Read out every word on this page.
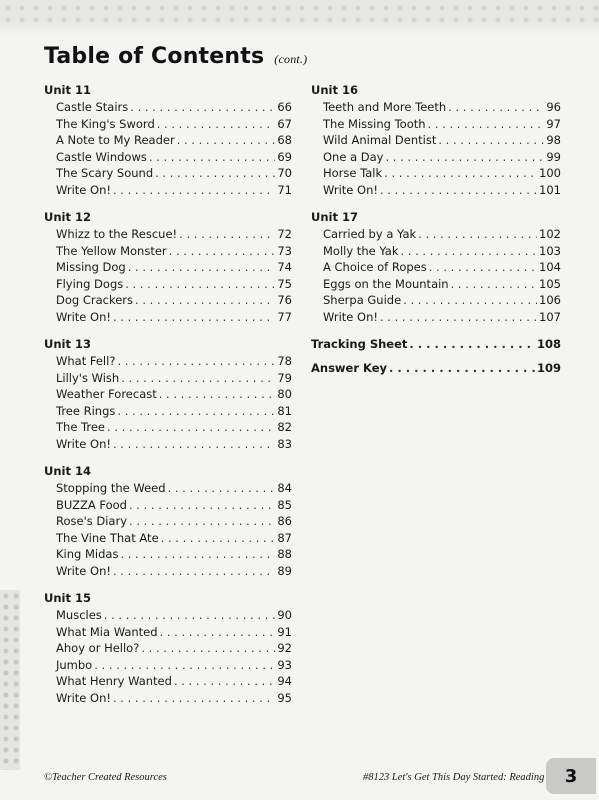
Table of Contents (cont.)
Unit 11
Castle Stairs . . .	66
The King's Sword . . .	67
A Note to My Reader . . .	68
Castle Windows . . .	69
The Scary Sound . . .	70
Write On! . . .	71
Unit 12
Whizz to the Rescue! . . .	72
The Yellow Monster . . .	73
Missing Dog . . .	74
Flying Dogs . . .	75
Dog Crackers . . .	76
Write On! . . .	77
Unit 13
What Fell? . . .	78
Lilly's Wish . . .	79
Weather Forecast . . .	80
Tree Rings . . .	81
The Tree . . .	82
Write On! . . .	83
Unit 14
Stopping the Weed . . .	84
BUZZA Food . . .	85
Rose's Diary . . .	86
The Vine That Ate . . .	87
King Midas . . .	88
Write On! . . .	89
Unit 15
Muscles . . .	90
What Mia Wanted . . .	91
Ahoy or Hello? . . .	92
Jumbo . . .	93
What Henry Wanted . . .	94
Write On! . . .	95
Unit 16
Teeth and More Teeth . . .	96
The Missing Tooth . . .	97
Wild Animal Dentist . . .	98
One a Day . . .	99
Horse Talk . . .	100
Write On! . . .	101
Unit 17
Carried by a Yak . . .	102
Molly the Yak . . .	103
A Choice of Ropes . . .	104
Eggs on the Mountain . . .	105
Sherpa Guide . . .	106
Write On! . . .	107
Tracking Sheet . . .	108
Answer Key . . .	109
©Teacher Created Resources	#8123 Let's Get This Day Started: Reading 3
